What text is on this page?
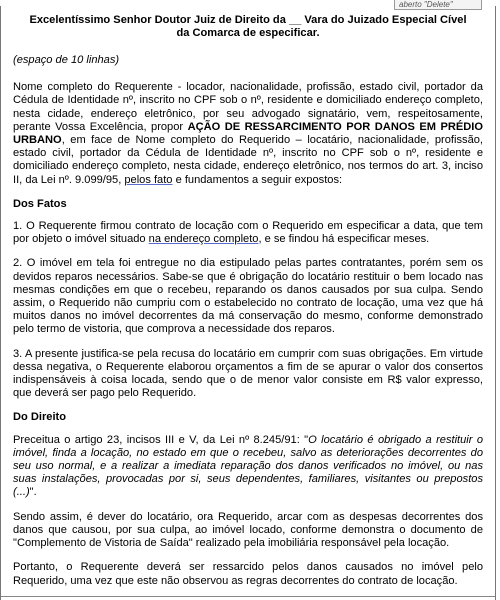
aberto "Delete"
Excelentíssimo Senhor Doutor Juiz de Direito da __ Vara do Juizado Especial Cível
da Comarca de especificar.
(espaço de 10 linhas)

Nome completo do Requerente - locador, nacionalidade, profissão, estado civil, portador da Cédula de Identidade nº, inscrito no CPF sob o nº, residente e domiciliado endereço completo, nesta cidade, endereço eletrônico, por seu advogado signatário, vem, respeitosamente, perante Vossa Excelência, propor AÇÃO DE RESSARCIMENTO POR DANOS EM PRÉDIO URBANO, em face de Nome completo do Requerido – locatário, nacionalidade, profissão, estado civil, portador da Cédula de Identidade nº, inscrito no CPF sob o nº, residente e domiciliado endereço completo, nesta cidade, endereço eletrônico, nos termos do art. 3, inciso II, da Lei nº. 9.099/95, pelos fato e fundamentos a seguir expostos:

Dos Fatos

1. O Requerente firmou contrato de locação com o Requerido em especificar a data, que tem por objeto o imóvel situado na endereço completo, e se findou há especificar meses.

2. O imóvel em tela foi entregue no dia estipulado pelas partes contratantes, porém sem os devidos reparos necessários. Sabe-se que é obrigação do locatário restituir o bem locado nas mesmas condições em que o recebeu, reparando os danos causados por sua culpa. Sendo assim, o Requerido não cumpriu com o estabelecido no contrato de locação, uma vez que há muitos danos no imóvel decorrentes da má conservação do mesmo, conforme demonstrado pelo termo de vistoria, que comprova a necessidade dos reparos.

3. A presente justifica-se pela recusa do locatário em cumprir com suas obrigações. Em virtude dessa negativa, o Requerente elaborou orçamentos a fim de se apurar o valor dos consertos indispensáveis à coisa locada, sendo que o de menor valor consiste em R$ valor expresso, que deverá ser pago pelo Requerido.

Do Direito

Preceitua o artigo 23, incisos III e V, da Lei nº 8.245/91: "O locatário é obrigado a restituir o imóvel, finda a locação, no estado em que o recebeu, salvo as deteriorações decorrentes do seu uso normal, e a realizar a imediata reparação dos danos verificados no imóvel, ou nas suas instalações, provocadas por si, seus dependentes, familiares, visitantes ou prepostos (...)".

Sendo assim, é dever do locatário, ora Requerido, arcar com as despesas decorrentes dos danos que causou, por sua culpa, ao imóvel locado, conforme demonstra o documento de "Complemento de Vistoria de Saída" realizado pela imobiliária responsável pela locação.

Portanto, o Requerente deverá ser ressarcido pelos danos causados no imóvel pelo Requerido, uma vez que este não observou as regras decorrentes do contrato de locação.
